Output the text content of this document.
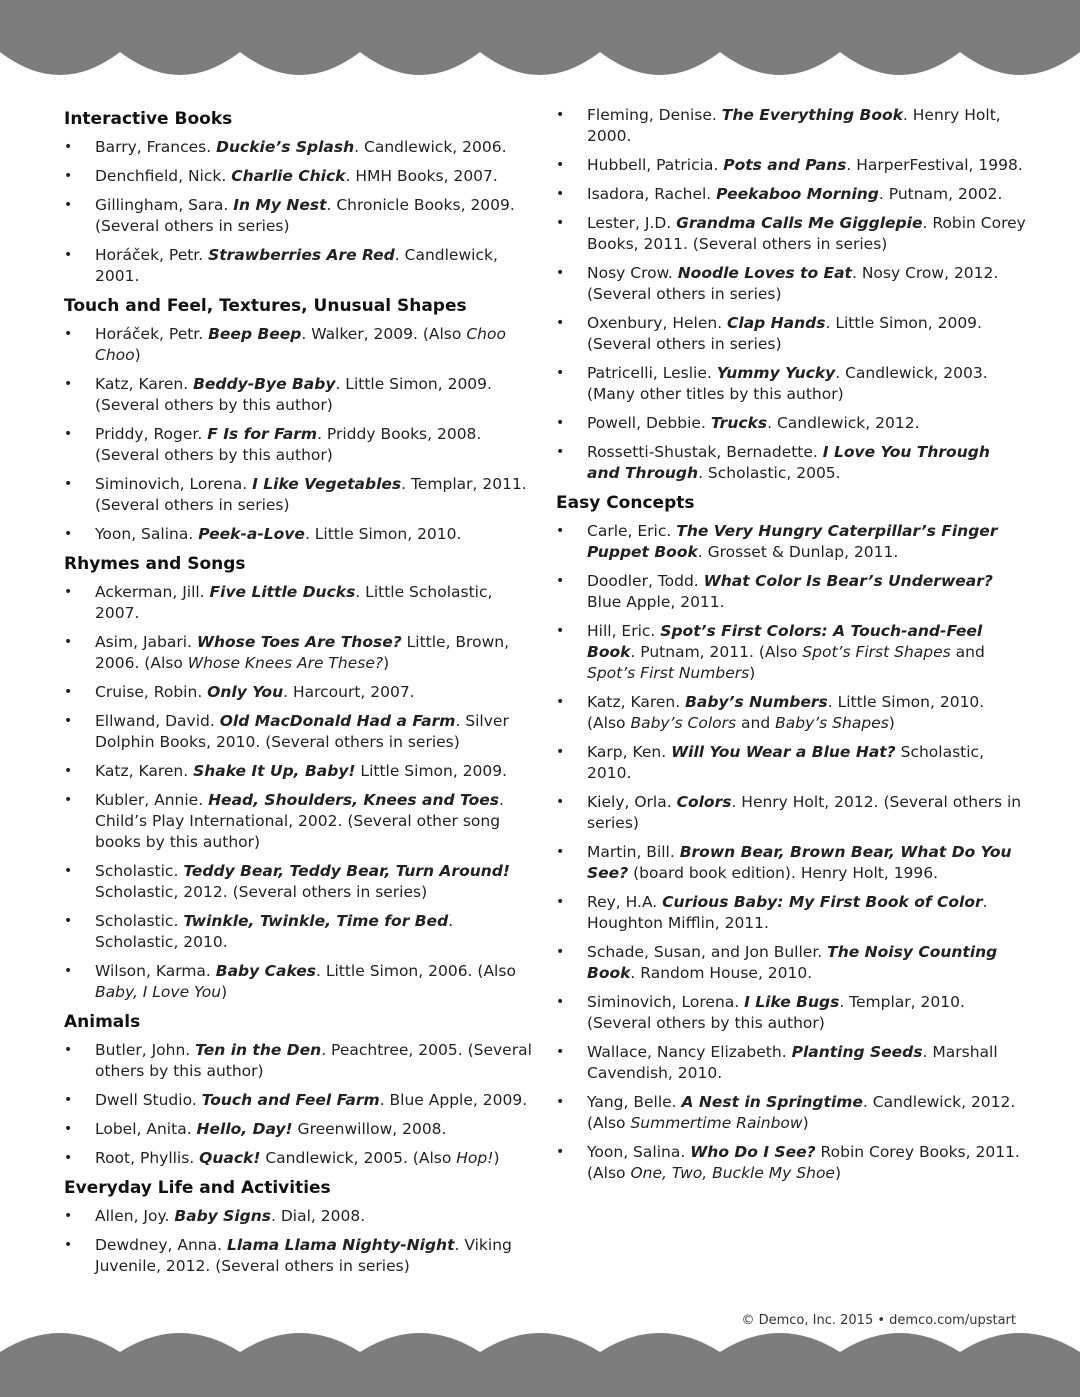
Interactive Books
• Barry, Frances. Duckie’s Splash. Candlewick, 2006.
• Denchfield, Nick. Charlie Chick. HMH Books, 2007.
• Gillingham, Sara. In My Nest. Chronicle Books, 2009. (Several others in series)
• Horáček, Petr. Strawberries Are Red. Candlewick, 2001.
Touch and Feel, Textures, Unusual Shapes
• Horáček, Petr. Beep Beep. Walker, 2009. (Also Choo Choo)
• Katz, Karen. Beddy-Bye Baby. Little Simon, 2009. (Several others by this author)
• Priddy, Roger. F Is for Farm. Priddy Books, 2008. (Several others by this author)
• Siminovich, Lorena. I Like Vegetables. Templar, 2011. (Several others in series)
• Yoon, Salina. Peek-a-Love. Little Simon, 2010.
Rhymes and Songs
• Ackerman, Jill. Five Little Ducks. Little Scholastic, 2007.
• Asim, Jabari. Whose Toes Are Those? Little, Brown, 2006. (Also Whose Knees Are These?)
• Cruise, Robin. Only You. Harcourt, 2007.
• Ellwand, David. Old MacDonald Had a Farm. Silver Dolphin Books, 2010. (Several others in series)
• Katz, Karen. Shake It Up, Baby! Little Simon, 2009.
• Kubler, Annie. Head, Shoulders, Knees and Toes. Child’s Play International, 2002. (Several other song books by this author)
• Scholastic. Teddy Bear, Teddy Bear, Turn Around! Scholastic, 2012. (Several others in series)
• Scholastic. Twinkle, Twinkle, Time for Bed. Scholastic, 2010.
• Wilson, Karma. Baby Cakes. Little Simon, 2006. (Also Baby, I Love You)
Animals
• Butler, John. Ten in the Den. Peachtree, 2005. (Several others by this author)
• Dwell Studio. Touch and Feel Farm. Blue Apple, 2009.
• Lobel, Anita. Hello, Day! Greenwillow, 2008.
• Root, Phyllis. Quack! Candlewick, 2005. (Also Hop!)
Everyday Life and Activities
• Allen, Joy. Baby Signs. Dial, 2008.
• Dewdney, Anna. Llama Llama Nighty-Night. Viking Juvenile, 2012. (Several others in series)
• Fleming, Denise. The Everything Book. Henry Holt, 2000.
• Hubbell, Patricia. Pots and Pans. HarperFestival, 1998.
• Isadora, Rachel. Peekaboo Morning. Putnam, 2002.
• Lester, J.D. Grandma Calls Me Gigglepie. Robin Corey Books, 2011. (Several others in series)
• Nosy Crow. Noodle Loves to Eat. Nosy Crow, 2012. (Several others in series)
• Oxenbury, Helen. Clap Hands. Little Simon, 2009. (Several others in series)
• Patricelli, Leslie. Yummy Yucky. Candlewick, 2003. (Many other titles by this author)
• Powell, Debbie. Trucks. Candlewick, 2012.
• Rossetti-Shustak, Bernadette. I Love You Through and Through. Scholastic, 2005.
Easy Concepts
• Carle, Eric. The Very Hungry Caterpillar’s Finger Puppet Book. Grosset & Dunlap, 2011.
• Doodler, Todd. What Color Is Bear’s Underwear? Blue Apple, 2011.
• Hill, Eric. Spot’s First Colors: A Touch-and-Feel Book. Putnam, 2011. (Also Spot’s First Shapes and Spot’s First Numbers)
• Katz, Karen. Baby’s Numbers. Little Simon, 2010. (Also Baby’s Colors and Baby’s Shapes)
• Karp, Ken. Will You Wear a Blue Hat? Scholastic, 2010.
• Kiely, Orla. Colors. Henry Holt, 2012. (Several others in series)
• Martin, Bill. Brown Bear, Brown Bear, What Do You See? (board book edition). Henry Holt, 1996.
• Rey, H.A. Curious Baby: My First Book of Color. Houghton Mifflin, 2011.
• Schade, Susan, and Jon Buller. The Noisy Counting Book. Random House, 2010.
• Siminovich, Lorena. I Like Bugs. Templar, 2010. (Several others by this author)
• Wallace, Nancy Elizabeth. Planting Seeds. Marshall Cavendish, 2010.
• Yang, Belle. A Nest in Springtime. Candlewick, 2012. (Also Summertime Rainbow)
• Yoon, Salina. Who Do I See? Robin Corey Books, 2011. (Also One, Two, Buckle My Shoe)
© Demco, Inc. 2015 • demco.com/upstart
